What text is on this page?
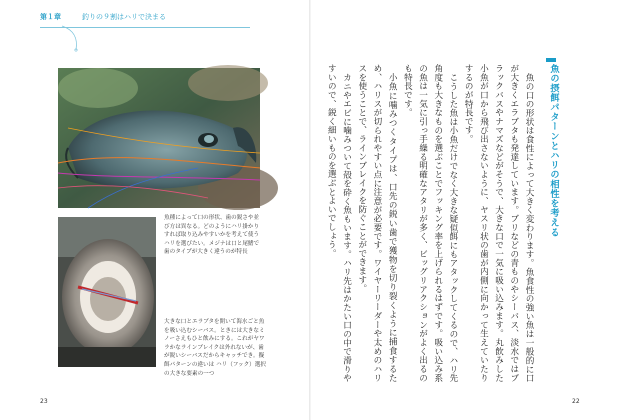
第１章	釣りの９割はハリで決まる
魚種によって口の形状、歯の鋭さや並び方は異なる。どのようにハリ掛かりすれば取り込みやすいかを考えて使うハリを選びたい。メジナは口と尾鰭で歯のタイプが大きく違うのが特長
大きな口とエラブタを開いて海水ごと魚を吸い込むシーバス。ときには大きなミノーさえもひと飲みにする。これがヤワラかなラインブレイクは外れないが、歯が鋭いシーバスだからキャッチでき。擬餌パターンの違いは ハリ（フック）選択の大きな要素の一つ
23
魚の摂餌パターンとハリの相性を考える

魚の口の形状は食性によって大きく変わります。魚食性の強い魚は一般的に口が大きくエラブタも発達しています。ブリなどの青ものやシーバス、淡水ではブラックバスやナマズなどがそうで、大きな口で一気に吸い込みます。丸飲みした小魚が口から飛び出さないように、ヤスリ状の歯が内側に向かって生えていたりするのが特長です。

こうした魚は小魚だけでなく大きな疑似餌にもアタックしてくるので、ハリ先角度も大きなものを選ぶことでフッキング率を上げられるはずです。吸い込み系の魚は一気に引っ手繰る明確なアタリが多く、ビッグリアクションがよく出るのも特長です。

小魚に噛みつくタイプは、口先の鋭い歯で獲物を切り裂くように捕食するため、ハリスが切られやすい点に注意が必要です。ワイヤーリーダーや太めのハリスを使うことで、ラインブレイクを防ぐことができます。

カニやエビに噛みついて殻を砕く魚もいます。ハリ先はかたい口の中で滑りやすいので、鋭く細いものを選ぶとよいでしょう。

22
